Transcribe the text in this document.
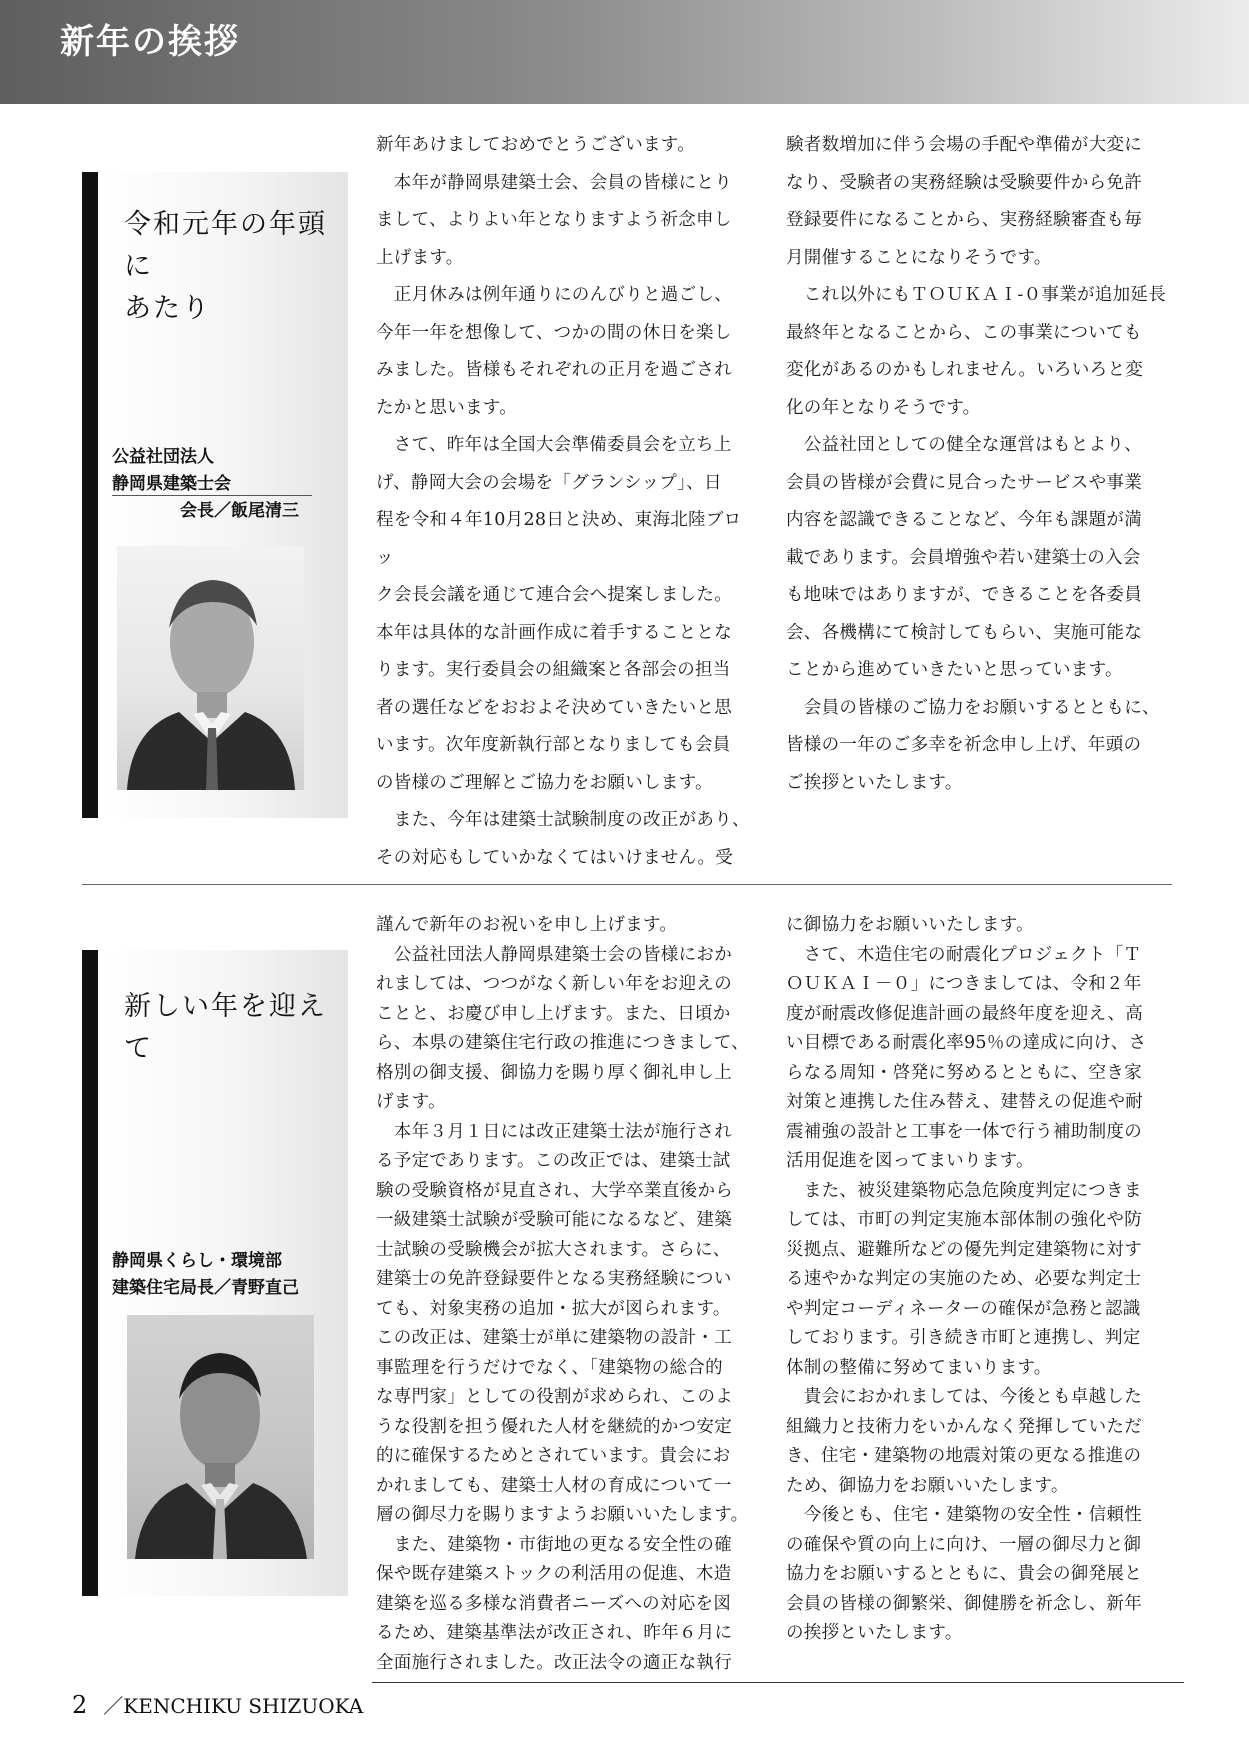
新年の挨拶
令和元年の年頭に
あたり
公益社団法人
静岡県建築士会
会長／飯尾清三

新年あけましておめでとうございます。
　本年が静岡県建築士会、会員の皆様にとり
まして、よりよい年となりますよう祈念申し
上げます。
　正月休みは例年通りにのんびりと過ごし、
今年一年を想像して、つかの間の休日を楽し
みました。皆様もそれぞれの正月を過ごされ
たかと思います。
　さて、昨年は全国大会準備委員会を立ち上
げ、静岡大会の会場を「グランシップ」、日
程を令和４年10月28日と決め、東海北陸ブロッ
ク会長会議を通じて連合会へ提案しました。
本年は具体的な計画作成に着手することとな
ります。実行委員会の組織案と各部会の担当
者の選任などをおおよそ決めていきたいと思
います。次年度新執行部となりましても会員
の皆様のご理解とご協力をお願いします。
　また、今年は建築士試験制度の改正があり、
その対応もしていかなくてはいけません。受

験者数増加に伴う会場の手配や準備が大変に
なり、受験者の実務経験は受験要件から免許
登録要件になることから、実務経験審査も毎
月開催することになりそうです。
　これ以外にもＴＯＵＫＡＩ-０事業が追加延長
最終年となることから、この事業についても
変化があるのかもしれません。いろいろと変
化の年となりそうです。
　公益社団としての健全な運営はもとより、
会員の皆様が会費に見合ったサービスや事業
内容を認識できることなど、今年も課題が満
載であります。会員増強や若い建築士の入会
も地味ではありますが、できることを各委員
会、各機構にて検討してもらい、実施可能な
ことから進めていきたいと思っています。
　会員の皆様のご協力をお願いするとともに、
皆様の一年のご多幸を祈念申し上げ、年頭の
ご挨拶といたします。

新しい年を迎えて
静岡県くらし・環境部
建築住宅局長／青野直己

謹んで新年のお祝いを申し上げます。
　公益社団法人静岡県建築士会の皆様におか
れましては、つつがなく新しい年をお迎えの
ことと、お慶び申し上げます。また、日頃か
ら、本県の建築住宅行政の推進につきまして、
格別の御支援、御協力を賜り厚く御礼申し上
げます。
　本年３月１日には改正建築士法が施行され
る予定であります。この改正では、建築士試
験の受験資格が見直され、大学卒業直後から
一級建築士試験が受験可能になるなど、建築
士試験の受験機会が拡大されます。さらに、
建築士の免許登録要件となる実務経験につい
ても、対象実務の追加・拡大が図られます。
この改正は、建築士が単に建築物の設計・工
事監理を行うだけでなく、「建築物の総合的
な専門家」としての役割が求められ、このよ
うな役割を担う優れた人材を継続的かつ安定
的に確保するためとされています。貴会にお
かれましても、建築士人材の育成について一
層の御尽力を賜りますようお願いいたします。
　また、建築物・市街地の更なる安全性の確
保や既存建築ストックの利活用の促進、木造
建築を巡る多様な消費者ニーズへの対応を図
るため、建築基準法が改正され、昨年６月に
全面施行されました。改正法令の適正な執行

に御協力をお願いいたします。
　さて、木造住宅の耐震化プロジェクト「Ｔ
ＯＵＫＡＩ－０」につきましては、令和２年
度が耐震改修促進計画の最終年度を迎え、高
い目標である耐震化率95％の達成に向け、さ
らなる周知・啓発に努めるとともに、空き家
対策と連携した住み替え、建替えの促進や耐
震補強の設計と工事を一体で行う補助制度の
活用促進を図ってまいります。
　また、被災建築物応急危険度判定につきま
しては、市町の判定実施本部体制の強化や防
災拠点、避難所などの優先判定建築物に対す
る速やかな判定の実施のため、必要な判定士
や判定コーディネーターの確保が急務と認識
しております。引き続き市町と連携し、判定
体制の整備に努めてまいります。
　貴会におかれましては、今後とも卓越した
組織力と技術力をいかんなく発揮していただ
き、住宅・建築物の地震対策の更なる推進の
ため、御協力をお願いいたします。
　今後とも、住宅・建築物の安全性・信頼性
の確保や質の向上に向け、一層の御尽力と御
協力をお願いするとともに、貴会の御発展と
会員の皆様の御繁栄、御健勝を祈念し、新年
の挨拶といたします。

2 ／KENCHIKU SHIZUOKA
